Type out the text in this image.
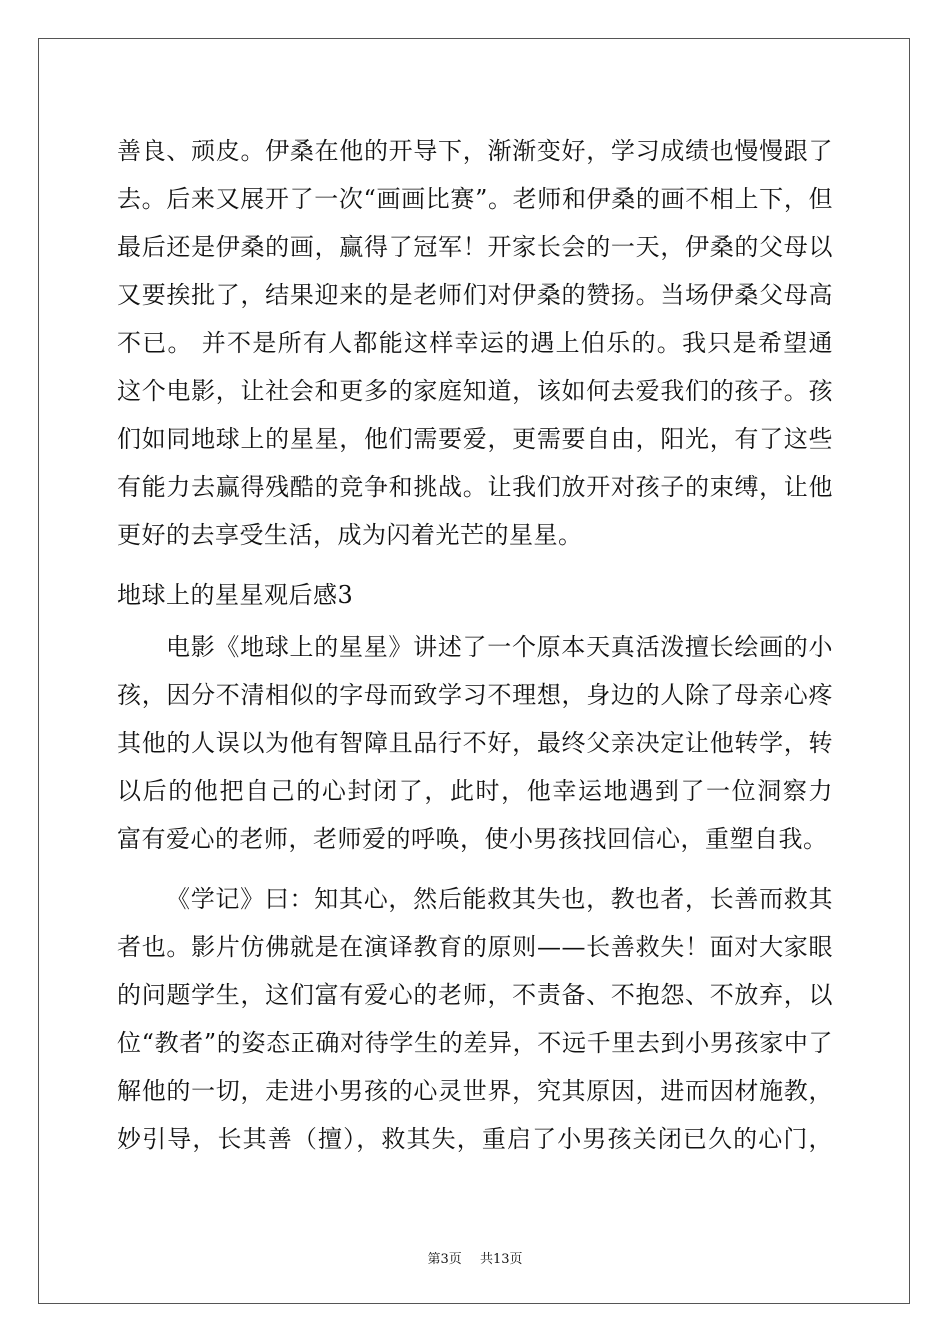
善良、顽皮。伊桑在他的开导下，渐渐变好，学习成绩也慢慢跟了
去。后来又展开了一次“画画比赛”。老师和伊桑的画不相上下，但
最后还是伊桑的画，赢得了冠军！开家长会的一天，伊桑的父母以
又要挨批了，结果迎来的是老师们对伊桑的赞扬。当场伊桑父母高
不已。 并不是所有人都能这样幸运的遇上伯乐的。我只是希望通
这个电影，让社会和更多的家庭知道，该如何去爱我们的孩子。孩
们如同地球上的星星，他们需要爱，更需要自由，阳光，有了这些
有能力去赢得残酷的竞争和挑战。让我们放开对孩子的束缚，让他
更好的去享受生活，成为闪着光芒的星星。
地球上的星星观后感3
电影《地球上的星星》讲述了一个原本天真活泼擅长绘画的小
孩，因分不清相似的字母而致学习不理想，身边的人除了母亲心疼
其他的人误以为他有智障且品行不好，最终父亲决定让他转学，转
以后的他把自己的心封闭了，此时，他幸运地遇到了一位洞察力
富有爱心的老师，老师爱的呼唤，使小男孩找回信心，重塑自我。
《学记》曰：知其心，然后能救其失也，教也者，长善而救其
者也。影片仿佛就是在演译教育的原则——长善救失！面对大家眼
的问题学生，这们富有爱心的老师，不责备、不抱怨、不放弃，以
位“教者”的姿态正确对待学生的差异，不远千里去到小男孩家中了
解他的一切，走进小男孩的心灵世界，究其原因，进而因材施教，
妙引导，长其善（擅），救其失，重启了小男孩关闭已久的心门，
第3页 共13页
